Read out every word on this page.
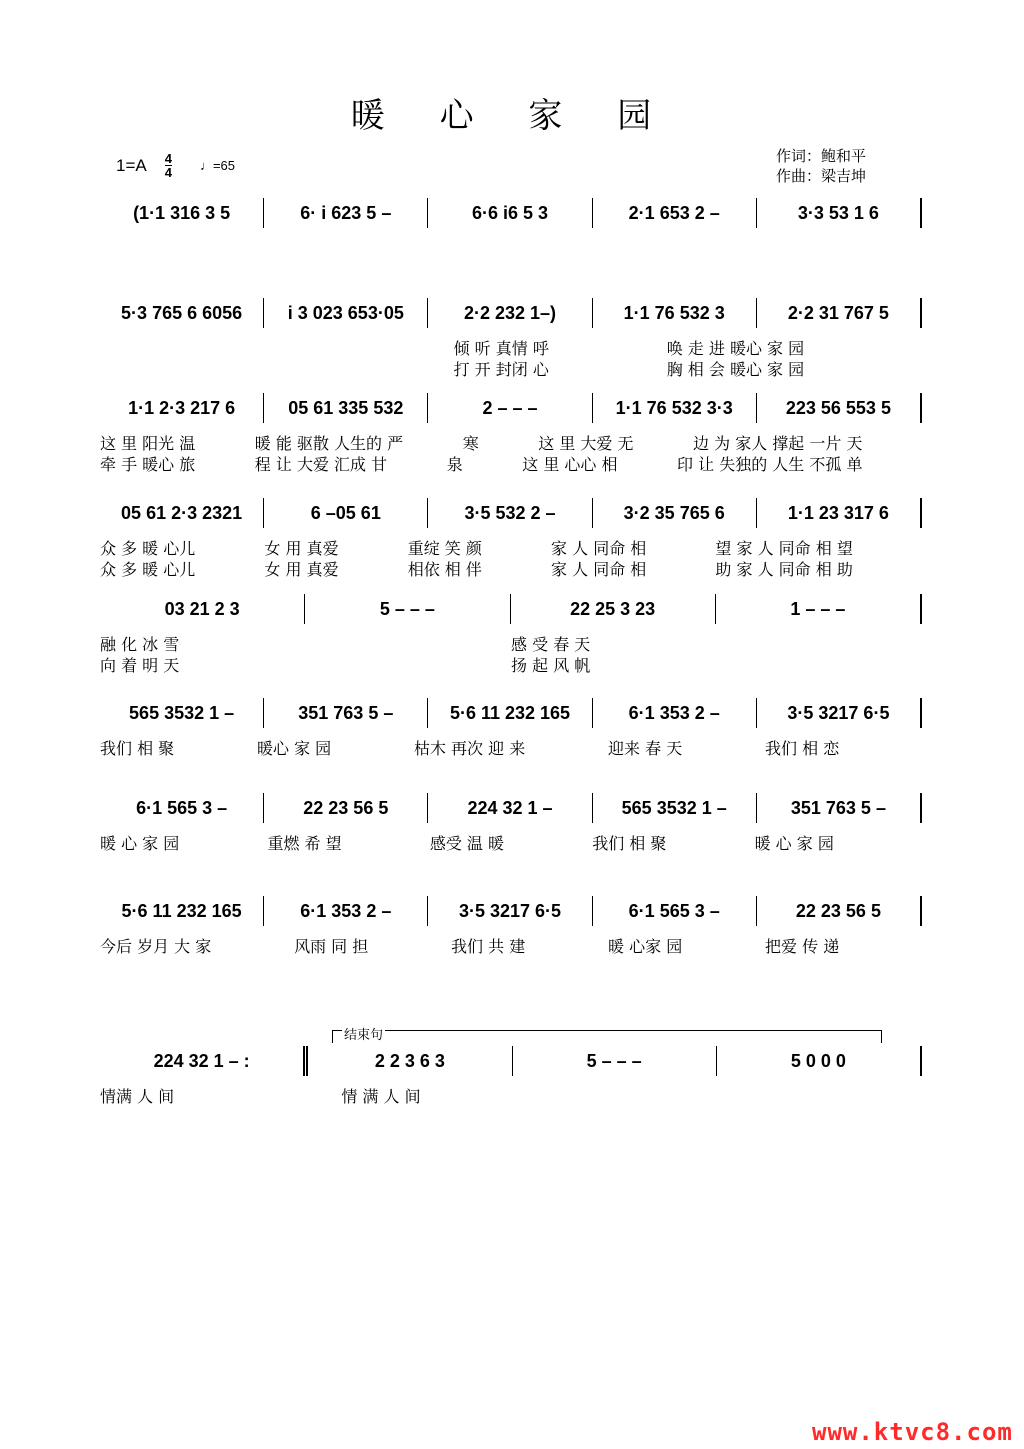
暖 心 家 园
1=A 4
4 ♩=65
作词：鲍和平
作曲：梁吉坤
(1·1 316 3 5	6· i 623 5 –	6·6 i6 5 3	2·1 653 2 –	3·3 53 1 6
5·3 765 6 6056	i 3 023 653·05	2·2 232 1–)	1·1 76 532 3	2·2 31 767 5
倾 听 真情 呼	唤 走 进 暖心 家 园
打 开 封闭 心	胸 相 会 暖心 家 园
1·1 2·3 217 6	05 61 335 532	2 – – –	1·1 76 532 3·3	223 56 553 5
这 里 阳光 温	暖 能 驱散 人生的 严	寒	这 里 大爱 无	边 为 家人 撑起 一片 天
牵 手 暖心 旅	程 让 大爱 汇成 甘	泉	这 里 心心 相	印 让 失独的 人生 不孤 单
05 61 2·3 2321	6 –05 61	3·5 532 2 –	3·2 35 765 6	1·1 23 317 6
众 多 暖 心儿	女 用 真爱	重绽 笑 颜	家 人 同命 相	望 家 人 同命 相 望
众 多 暖 心儿	女 用 真爱	相依 相 伴	家 人 同命 相	助 家 人 同命 相 助
03 21 2 3	5 – – –	22 25 3 23	1 – – –
融 化 冰 雪	感 受 春 天
向 着 明 天	扬 起 风 帆
565 3532 1 –	351 763 5 –	5·6 11 232 165	6·1 353 2 –	3·5 3217 6·5
我们 相 聚	暖心 家 园	枯木 再次 迎 来	迎来 春 天	我们 相 恋
6·1 565 3 –	22 23 56 5	224 32 1 –	565 3532 1 –	351 763 5 –
暖 心 家 园	重燃 希 望	感受 温 暖	我们 相 聚	暖 心 家 园
5·6 11 232 165	6·1 353 2 –	3·5 3217 6·5	6·1 565 3 –	22 23 56 5
今后 岁月 大 家	风雨 同 担	我们 共 建	暖 心家 园	把爱 传 递
224 32 1 – :	2 2 3 6 3	5 – – –	5 0 0 0
情满 人 间	情 满 人 间
结束句
www.ktvc8.com
